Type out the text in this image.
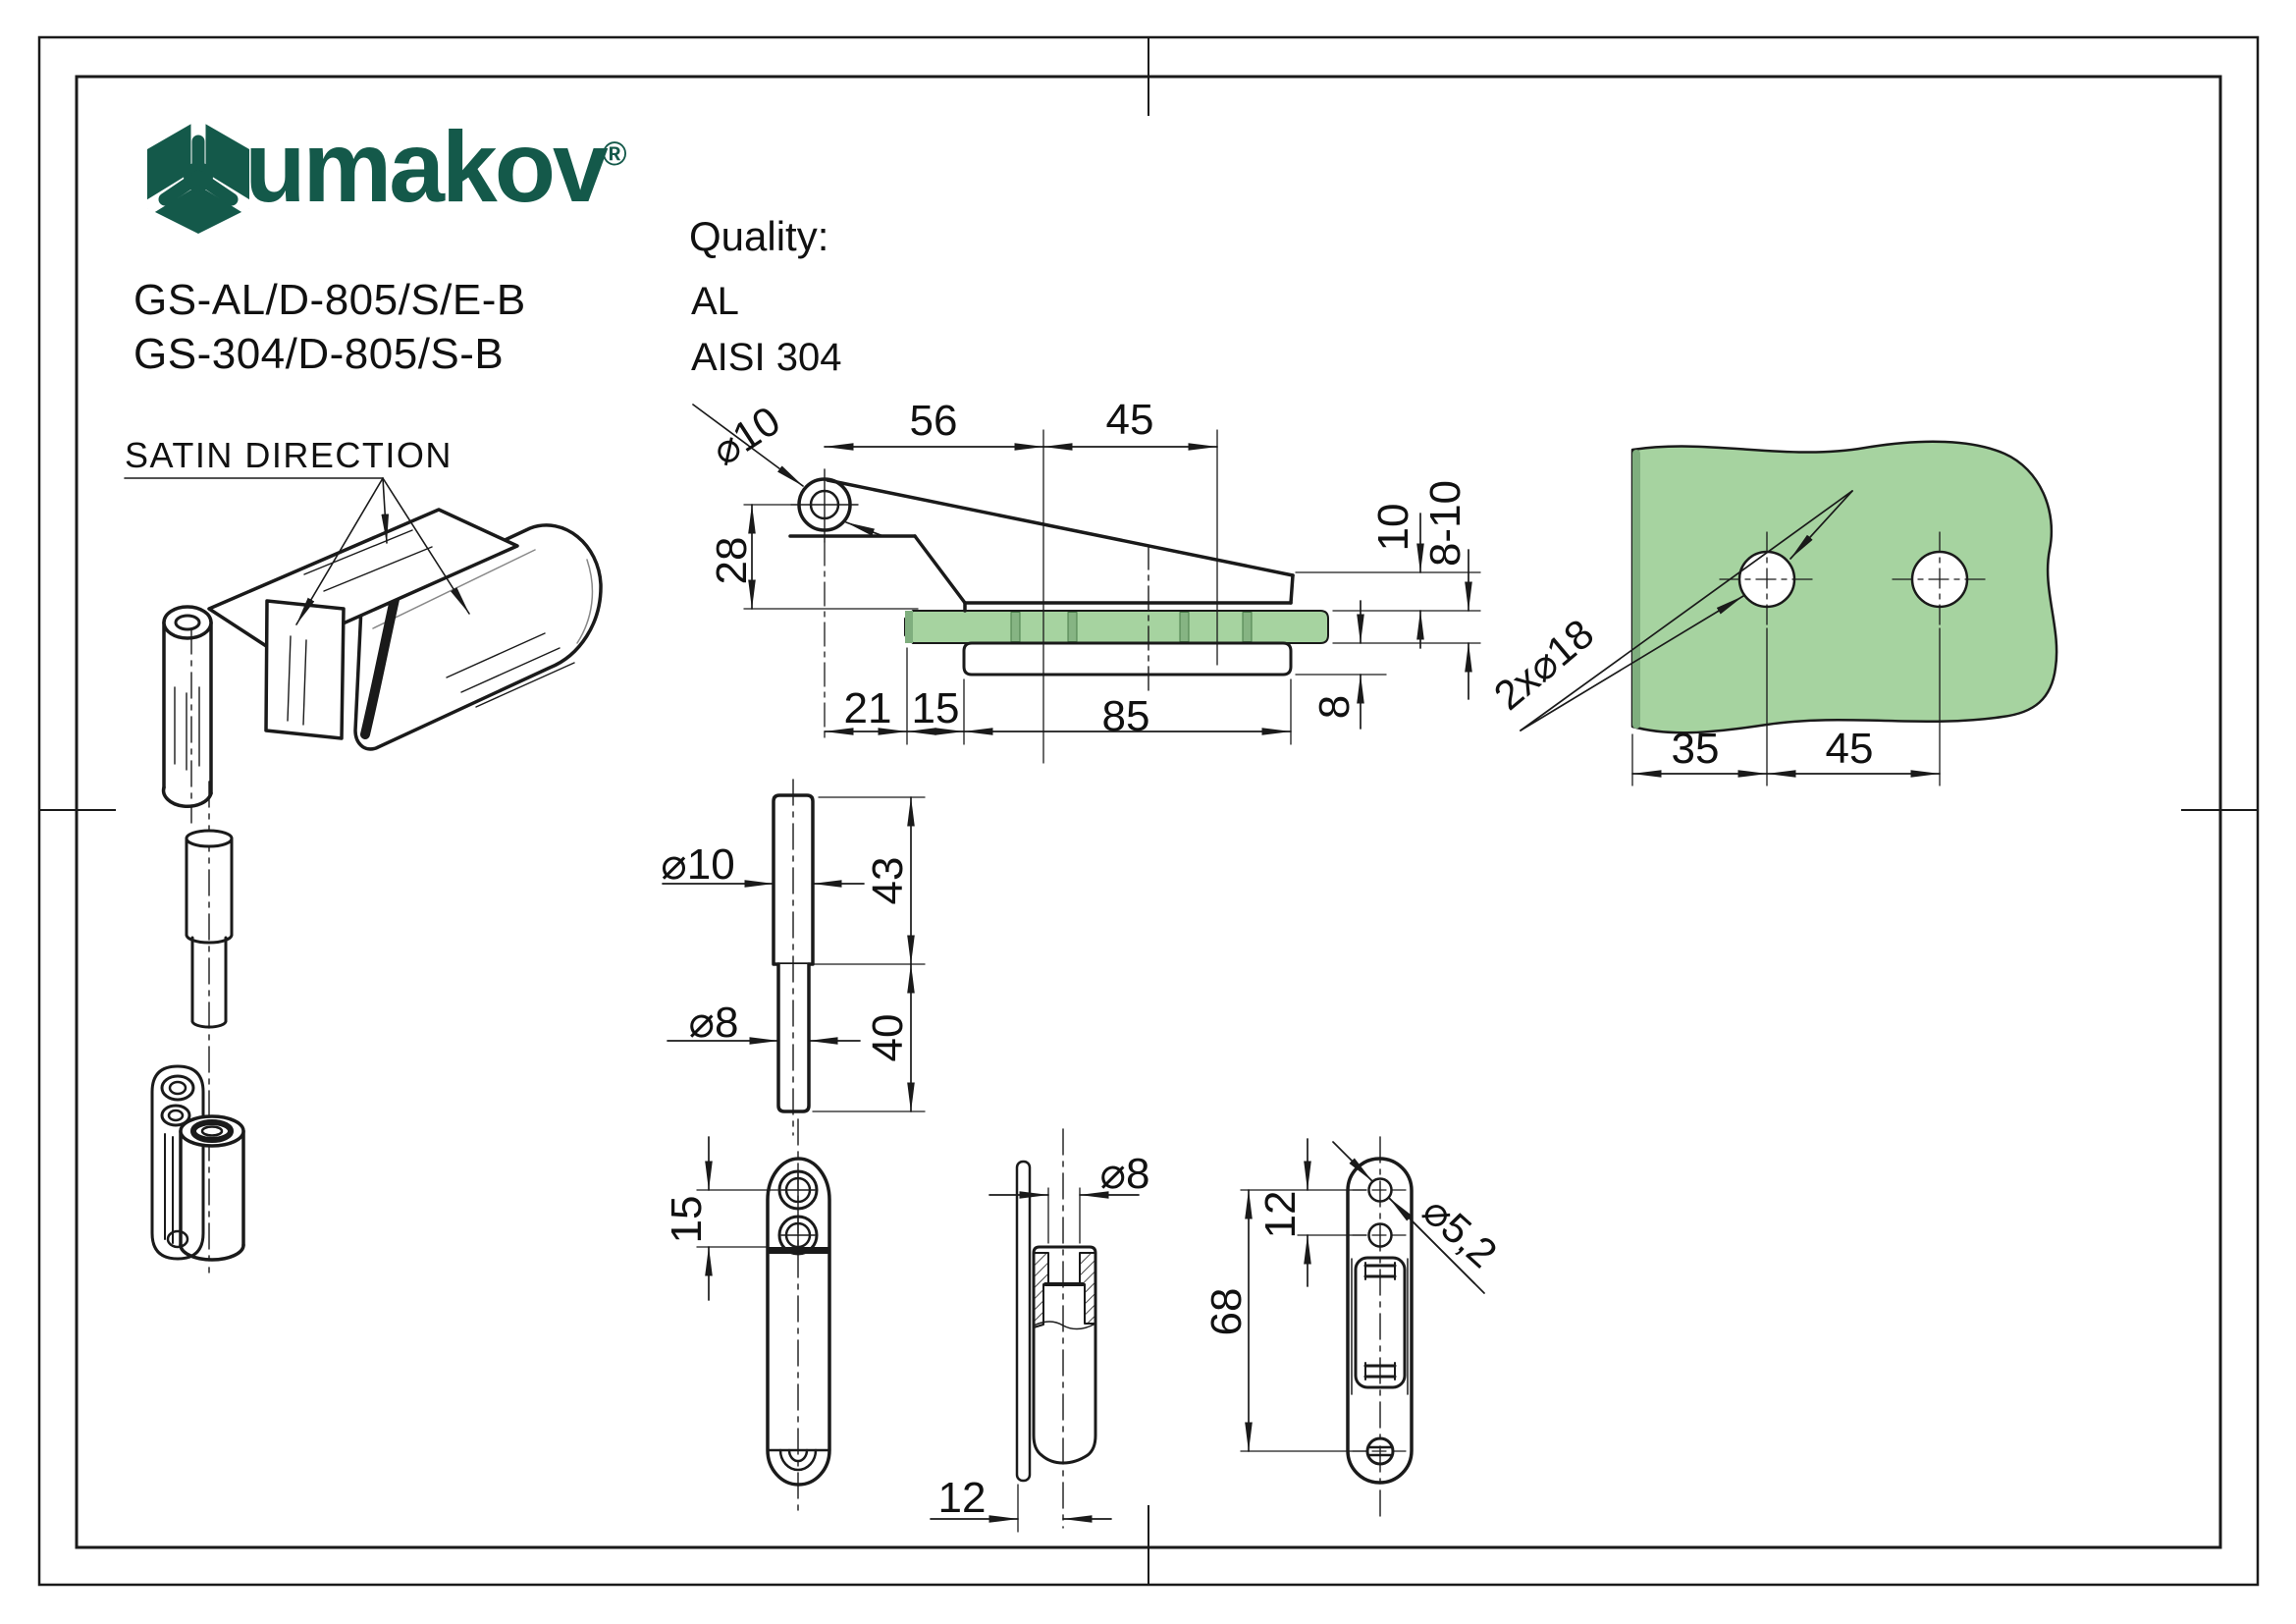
umakov
®
GS-AL/D-805/S/E-B
GS-304/D-805/S-B
Quality:
AL
AISI 304
SATIN DIRECTION	⌀10	56	45
28
10 8-10
21 15	85	8	2x⌀18
35 45
⌀10
⌀8
43
40
15
⌀8
12
12
68
⌀5,2
